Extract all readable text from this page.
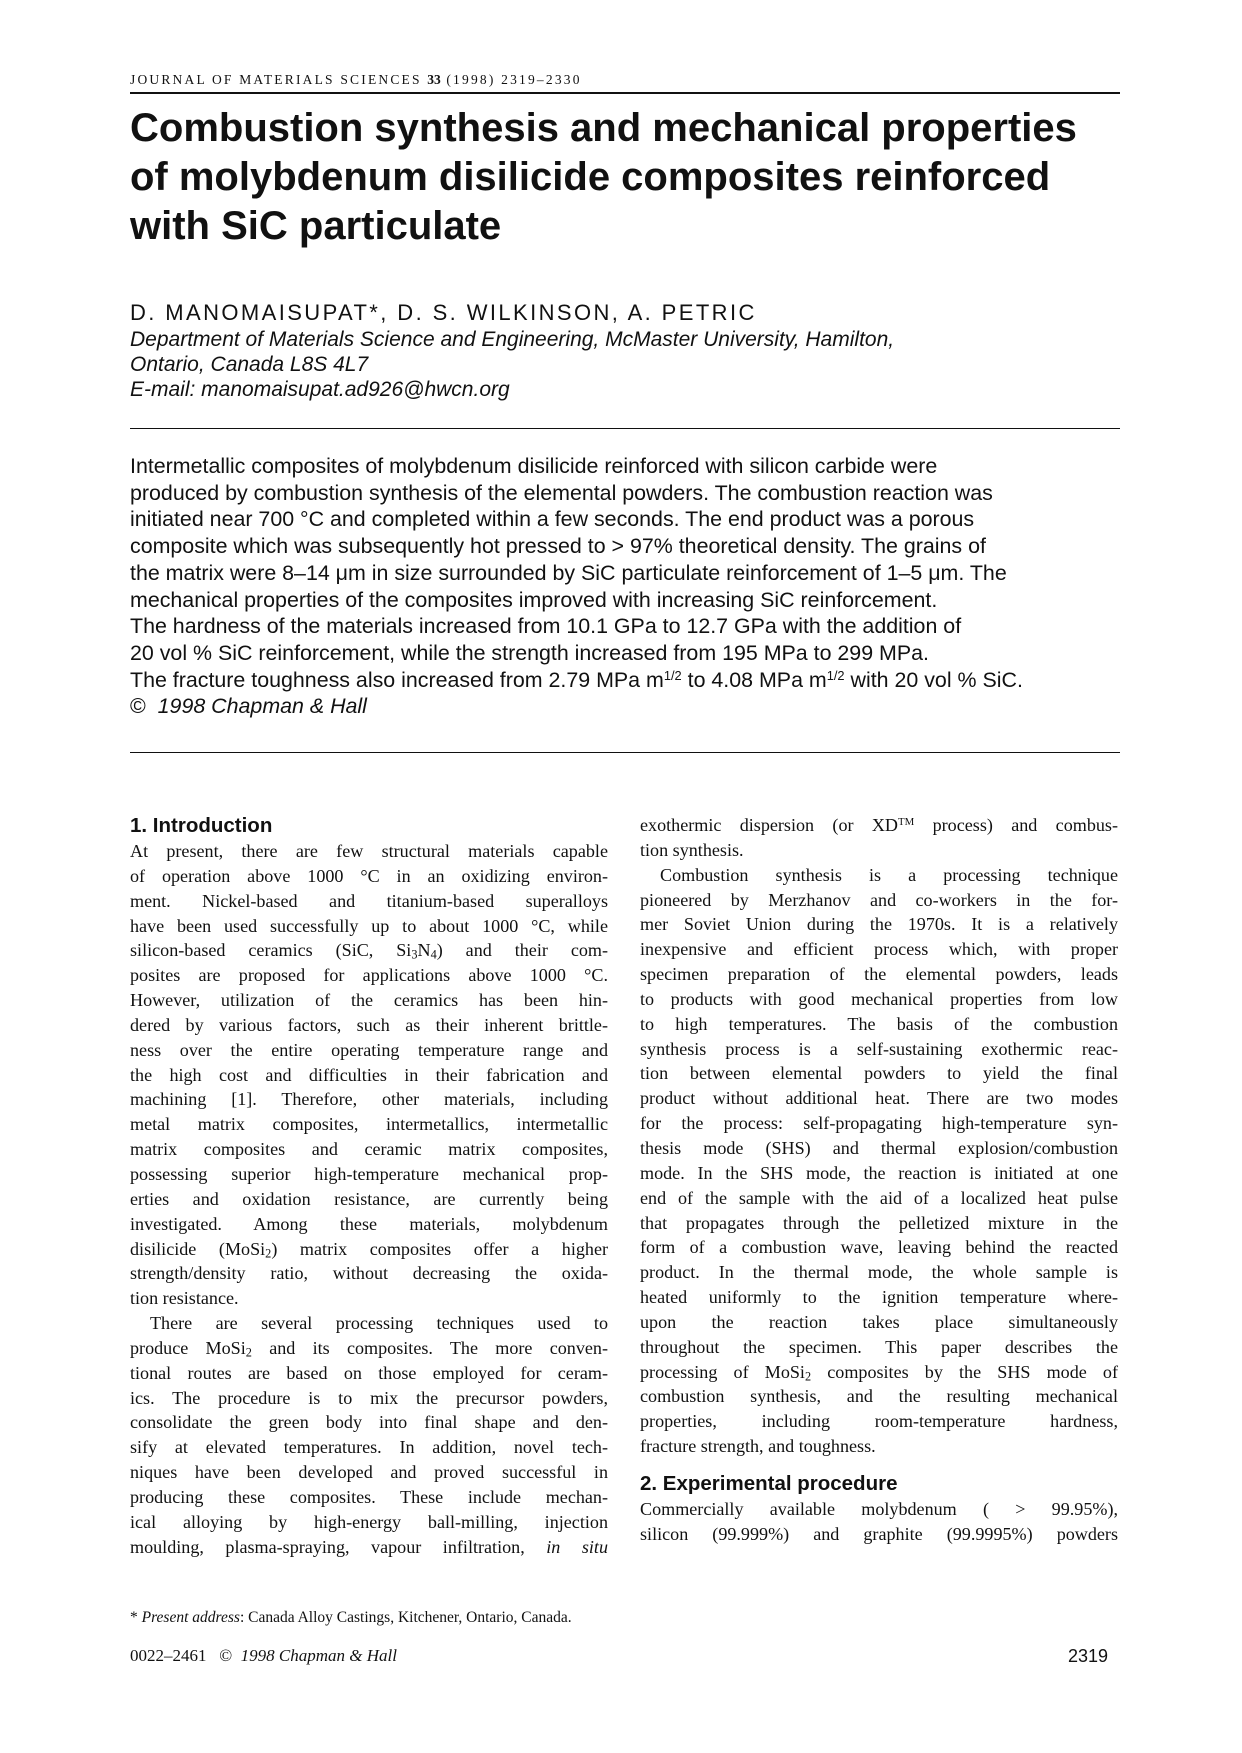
JOURNAL OF MATERIALS SCIENCES 33 (1998) 2319–2330
Combustion synthesis and mechanical properties
of molybdenum disilicide composites reinforced
with SiC particulate
D. MANOMAISUPAT*, D. S. WILKINSON, A. PETRIC
Department of Materials Science and Engineering, McMaster University, Hamilton,
Ontario, Canada L8S 4L7
E-mail: manomaisupat.ad926@hwcn.org
Intermetallic composites of molybdenum disilicide reinforced with silicon carbide were
produced by combustion synthesis of the elemental powders. The combustion reaction was
initiated near 700 °C and completed within a few seconds. The end product was a porous
composite which was subsequently hot pressed to > 97% theoretical density. The grains of
the matrix were 8–14 μm in size surrounded by SiC particulate reinforcement of 1–5 μm. The
mechanical properties of the composites improved with increasing SiC reinforcement.
The hardness of the materials increased from 10.1 GPa to 12.7 GPa with the addition of
20 vol % SiC reinforcement, while the strength increased from 195 MPa to 299 MPa.
The fracture toughness also increased from 2.79 MPa $m^{1/2}$ to 4.08 MPa $m^{1/2}$ with 20 vol % SiC.
© 1998 Chapman & Hall
1. Introduction
At present, there are few structural materials capable
of operation above 1000 °C in an oxidizing environ-
ment. Nickel-based and titanium-based superalloys
have been used successfully up to about 1000 °C, while
silicon-based ceramics (SiC, $Si_3N_4$) and their com-
posites are proposed for applications above 1000 °C.
However, utilization of the ceramics has been hin-
dered by various factors, such as their inherent brittle-
ness over the entire operating temperature range and
the high cost and difficulties in their fabrication and
machining [1]. Therefore, other materials, including
metal matrix composites, intermetallics, intermetallic
matrix composites and ceramic matrix composites,
possessing superior high-temperature mechanical prop-
erties and oxidation resistance, are currently being
investigated. Among these materials, molybdenum
disilicide (MoSi$_2$) matrix composites offer a higher
strength/density ratio, without decreasing the oxida-
tion resistance.
There are several processing techniques used to
produce MoSi$_2$ and its composites. The more conven-
tional routes are based on those employed for ceram-
ics. The procedure is to mix the precursor powders,
consolidate the green body into final shape and den-
sify at elevated temperatures. In addition, novel tech-
niques have been developed and proved successful in
producing these composites. These include mechan-
ical alloying by high-energy ball-milling, injection
moulding, plasma-spraying, vapour infiltration, in situ
exothermic dispersion (or XD™ process) and combus-
tion synthesis.
Combustion synthesis is a processing technique
pioneered by Merzhanov and co-workers in the for-
mer Soviet Union during the 1970s. It is a relatively
inexpensive and efficient process which, with proper
specimen preparation of the elemental powders, leads
to products with good mechanical properties from low
to high temperatures. The basis of the combustion
synthesis process is a self-sustaining exothermic reac-
tion between elemental powders to yield the final
product without additional heat. There are two modes
for the process: self-propagating high-temperature syn-
thesis mode (SHS) and thermal explosion/combustion
mode. In the SHS mode, the reaction is initiated at one
end of the sample with the aid of a localized heat pulse
that propagates through the pelletized mixture in the
form of a combustion wave, leaving behind the reacted
product. In the thermal mode, the whole sample is
heated uniformly to the ignition temperature where-
upon the reaction takes place simultaneously
throughout the specimen. This paper describes the
processing of MoSi$_2$ composites by the SHS mode of
combustion synthesis, and the resulting mechanical
properties, including room-temperature hardness,
fracture strength, and toughness.
2. Experimental procedure
Commercially available molybdenum ( > 99.95%),
silicon (99.999%) and graphite (99.9995%) powders
* Present address: Canada Alloy Castings, Kitchener, Ontario, Canada.
0022–2461 © 1998 Chapman & Hall	2319
